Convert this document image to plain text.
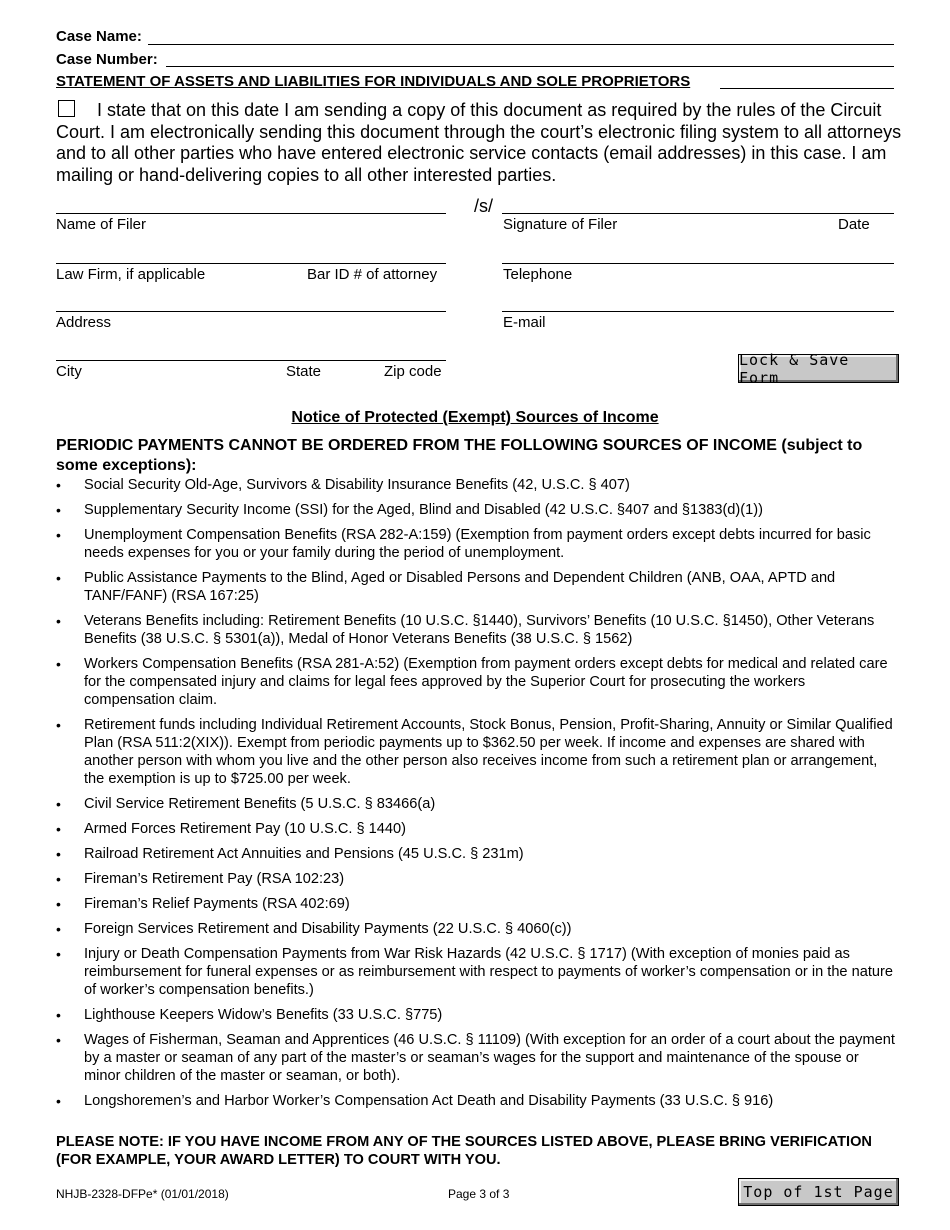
Case Name:
Case Number:
STATEMENT OF ASSETS AND LIABILITIES FOR INDIVIDUALS AND SOLE PROPRIETORS
I state that on this date I am sending a copy of this document as required by the rules of the Circuit Court. I am electronically sending this document through the court’s electronic filing system to all attorneys and to all other parties who have entered electronic service contacts (email addresses) in this case. I am mailing or hand-delivering copies to all other interested parties.
/s/
Name of Filer	Signature of Filer	Date
Law Firm, if applicable	Bar ID # of attorney	Telephone
Address	E-mail
City	State	Zip code
Lock & Save Form
Notice of Protected (Exempt) Sources of Income
PERIODIC PAYMENTS CANNOT BE ORDERED FROM THE FOLLOWING SOURCES OF INCOME (subject to some exceptions):
• Social Security Old-Age, Survivors & Disability Insurance Benefits (42, U.S.C. § 407)
• Supplementary Security Income (SSI) for the Aged, Blind and Disabled (42 U.S.C. §407 and §1383(d)(1))
• Unemployment Compensation Benefits (RSA 282-A:159) (Exemption from payment orders except debts incurred for basic needs expenses for you or your family during the period of unemployment.
• Public Assistance Payments to the Blind, Aged or Disabled Persons and Dependent Children (ANB, OAA, APTD and TANF/FANF) (RSA 167:25)
• Veterans Benefits including: Retirement Benefits (10 U.S.C. §1440), Survivors’ Benefits (10 U.S.C. §1450), Other Veterans Benefits (38 U.S.C. § 5301(a)), Medal of Honor Veterans Benefits (38 U.S.C. § 1562)
• Workers Compensation Benefits (RSA 281-A:52) (Exemption from payment orders except debts for medical and related care for the compensated injury and claims for legal fees approved by the Superior Court for prosecuting the workers compensation claim.
• Retirement funds including Individual Retirement Accounts, Stock Bonus, Pension, Profit-Sharing, Annuity or Similar Qualified Plan (RSA 511:2(XIX)). Exempt from periodic payments up to $362.50 per week. If income and expenses are shared with another person with whom you live and the other person also receives income from such a retirement plan or arrangement, the exemption is up to $725.00 per week.
• Civil Service Retirement Benefits (5 U.S.C. § 83466(a)
• Armed Forces Retirement Pay (10 U.S.C. § 1440)
• Railroad Retirement Act Annuities and Pensions (45 U.S.C. § 231m)
• Fireman’s Retirement Pay (RSA 102:23)
• Fireman’s Relief Payments (RSA 402:69)
• Foreign Services Retirement and Disability Payments (22 U.S.C. § 4060(c))
• Injury or Death Compensation Payments from War Risk Hazards (42 U.S.C. § 1717) (With exception of monies paid as reimbursement for funeral expenses or as reimbursement with respect to payments of worker’s compensation or in the nature of worker’s compensation benefits.)
• Lighthouse Keepers Widow’s Benefits (33 U.S.C. §775)
• Wages of Fisherman, Seaman and Apprentices (46 U.S.C. § 11109) (With exception for an order of a court about the payment by a master or seaman of any part of the master’s or seaman’s wages for the support and maintenance of the spouse or minor children of the master or seaman, or both).
• Longshoremen’s and Harbor Worker’s Compensation Act Death and Disability Payments (33 U.S.C. § 916)
PLEASE NOTE: IF YOU HAVE INCOME FROM ANY OF THE SOURCES LISTED ABOVE, PLEASE BRING VERIFICATION (FOR EXAMPLE, YOUR AWARD LETTER) TO COURT WITH YOU.
NHJB-2328-DFPe* (01/01/2018)	Page 3 of 3	Top of 1st Page
